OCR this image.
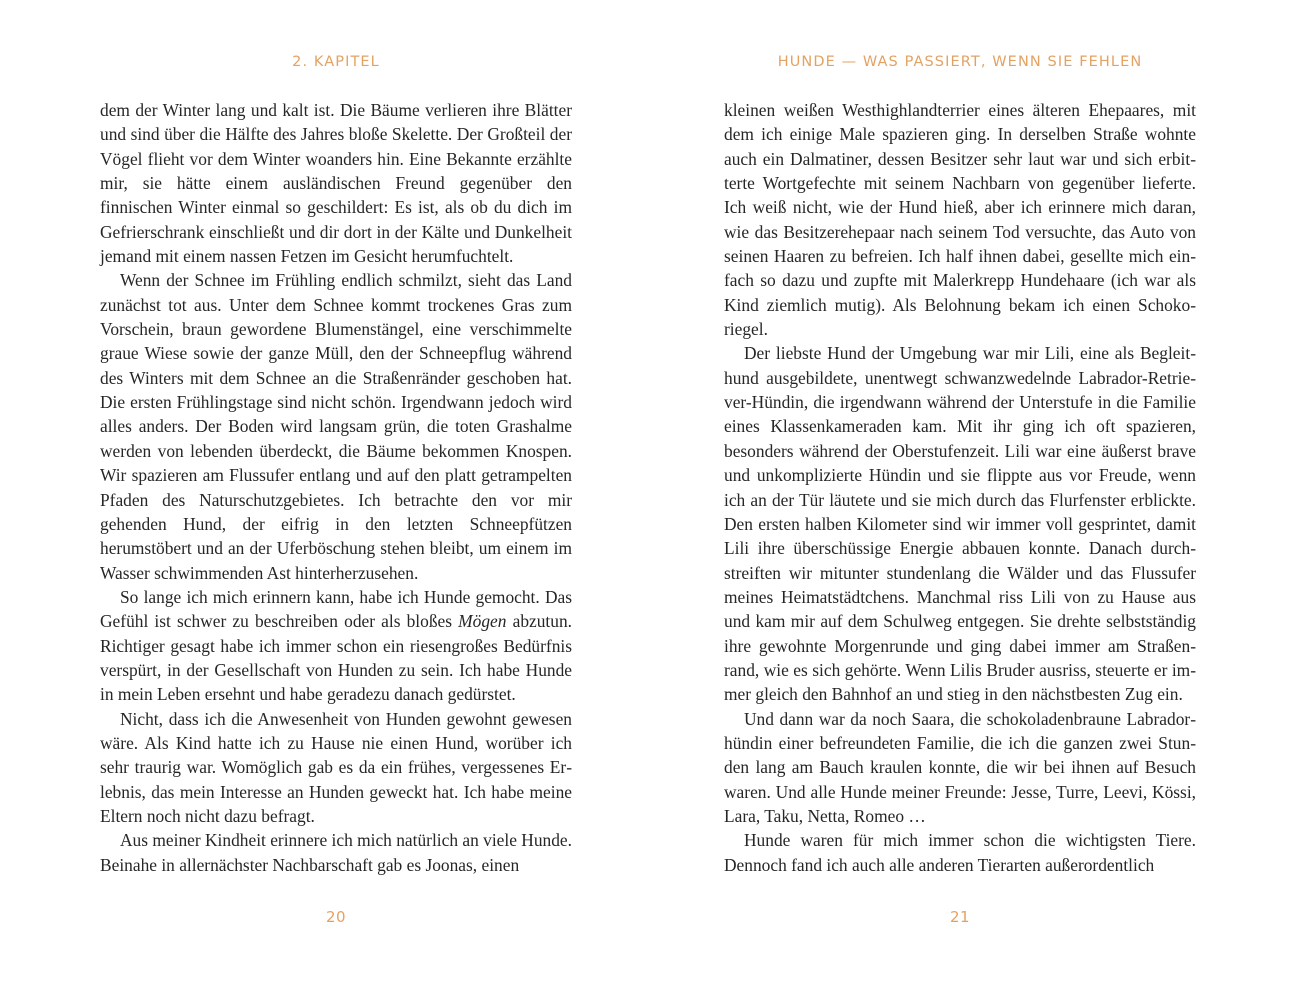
2. KAPITEL

dem der Winter lang und kalt ist. Die Bäume verlieren ihre Blätter und sind über die Hälfte des Jahres bloße Skelette. Der Großteil der Vögel flieht vor dem Winter woanders hin. Eine Bekannte erzählte mir, sie hätte einem ausländischen Freund gegenüber den finnischen Winter einmal so geschildert: Es ist, als ob du dich im Gefrierschrank einschließt und dir dort in der Kälte und Dunkelheit jemand mit einem nassen Fetzen im Gesicht herumfuchtelt.

Wenn der Schnee im Frühling endlich schmilzt, sieht das Land zunächst tot aus. Unter dem Schnee kommt trockenes Gras zum Vorschein, braun gewordene Blumenstängel, eine verschimmelte graue Wiese sowie der ganze Müll, den der Schneepflug während des Winters mit dem Schnee an die Straßenränder geschoben hat. Die ersten Frühlingstage sind nicht schön. Irgendwann jedoch wird alles anders. Der Boden wird langsam grün, die toten Grashalme werden von lebenden überdeckt, die Bäume bekommen Knospen. Wir spazieren am Flussufer entlang und auf den platt getrampelten Pfaden des Naturschutzgebietes. Ich betrachte den vor mir gehenden Hund, der eifrig in den letzten Schneepfützen herumstöbert und an der Uferböschung stehen bleibt, um einem im Wasser schwimmenden Ast hinterherzusehen.

So lange ich mich erinnern kann, habe ich Hunde gemocht. Das Gefühl ist schwer zu beschreiben oder als bloßes Mögen abzutun. Richtiger gesagt habe ich immer schon ein riesengroßes Bedürfnis verspürt, in der Gesellschaft von Hunden zu sein. Ich habe Hunde in mein Leben ersehnt und habe geradezu danach gedürstet.

Nicht, dass ich die Anwesenheit von Hunden gewohnt gewesen wäre. Als Kind hatte ich zu Hause nie einen Hund, worüber ich sehr traurig war. Womöglich gab es da ein frühes, vergessenes Erlebnis, das mein Interesse an Hunden geweckt hat. Ich habe meine Eltern noch nicht dazu befragt.

Aus meiner Kindheit erinnere ich mich natürlich an viele Hunde. Beinahe in allernächster Nachbarschaft gab es Joonas, einen

20
HUNDE — WAS PASSIERT, WENN SIE FEHLEN

kleinen weißen Westhighlandterrier eines älteren Ehepaares, mit dem ich einige Male spazieren ging. In derselben Straße wohnte auch ein Dalmatiner, dessen Besitzer sehr laut war und sich erbitterte Wortgefechte mit seinem Nachbarn von gegenüber lieferte. Ich weiß nicht, wie der Hund hieß, aber ich erinnere mich daran, wie das Besitzerehepaar nach seinem Tod versuchte, das Auto von seinen Haaren zu befreien. Ich half ihnen dabei, gesellte mich einfach so dazu und zupfte mit Malerkrepp Hundehaare (ich war als Kind ziemlich mutig). Als Belohnung bekam ich einen Schokoriegel.

Der liebste Hund der Umgebung war mir Lili, eine als Begleithund ausgebildete, unentwegt schwanzwedelnde Labrador-Retriever-Hündin, die irgendwann während der Unterstufe in die Familie eines Klassenkameraden kam. Mit ihr ging ich oft spazieren, besonders während der Oberstufenzeit. Lili war eine äußerst brave und unkomplizierte Hündin und sie flippte aus vor Freude, wenn ich an der Tür läutete und sie mich durch das Flurfenster erblickte. Den ersten halben Kilometer sind wir immer voll gesprintet, damit Lili ihre überschüssige Energie abbauen konnte. Danach durchstreiften wir mitunter stundenlang die Wälder und das Flussufer meines Heimatstädtchens. Manchmal riss Lili von zu Hause aus und kam mir auf dem Schulweg entgegen. Sie drehte selbstständig ihre gewohnte Morgenrunde und ging dabei immer am Straßenrand, wie es sich gehörte. Wenn Lilis Bruder ausriss, steuerte er immer gleich den Bahnhof an und stieg in den nächstbesten Zug ein.

Und dann war da noch Saara, die schokoladenbraune Labradorhündin einer befreundeten Familie, die ich die ganzen zwei Stunden lang am Bauch kraulen konnte, die wir bei ihnen auf Besuch waren. Und alle Hunde meiner Freunde: Jesse, Turre, Leevi, Kössi, Lara, Taku, Netta, Romeo …

Hunde waren für mich immer schon die wichtigsten Tiere. Dennoch fand ich auch alle anderen Tierarten außerordentlich

21
